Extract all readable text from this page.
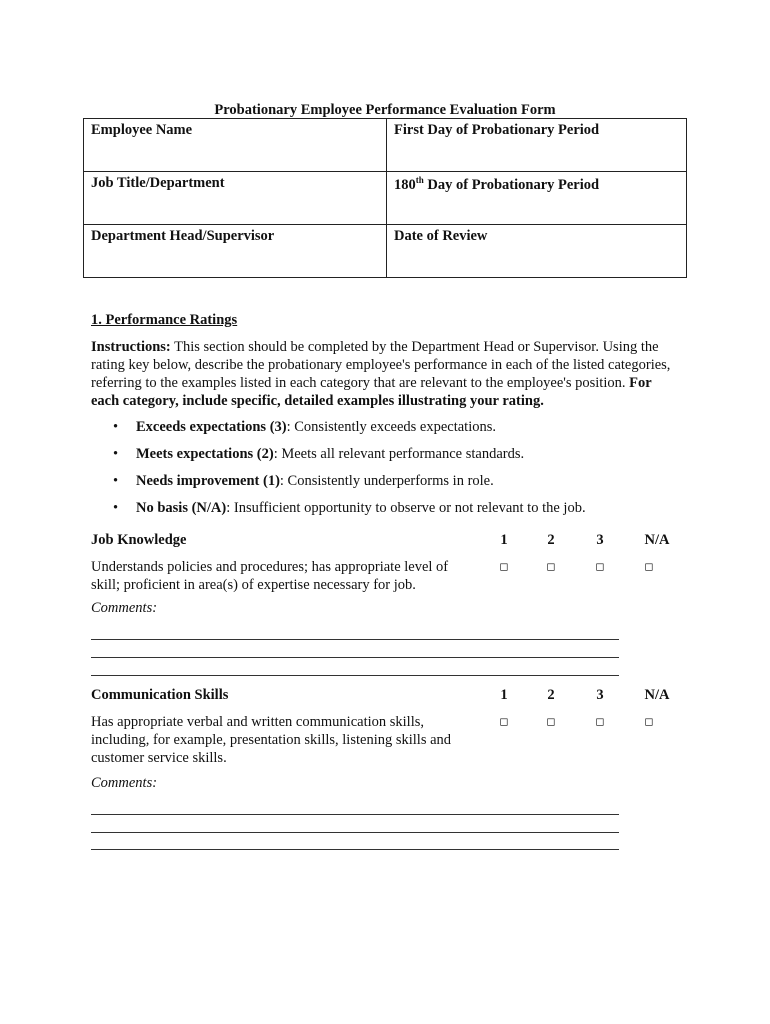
Probationary Employee Performance Evaluation Form
Employee Name	First Day of Probationary Period
Job Title/Department	180th Day of Probationary Period
Department Head/Supervisor	Date of Review
1. Performance Ratings
Instructions: This section should be completed by the Department Head or Supervisor. Using the rating key below, describe the probationary employee's performance in each of the listed categories, referring to the examples listed in each category that are relevant to the employee's position. For each category, include specific, detailed examples illustrating your rating.
• Exceeds expectations (3): Consistently exceeds expectations.
• Meets expectations (2): Meets all relevant performance standards.
• Needs improvement (1): Consistently underperforms in role.
• No basis (N/A): Insufficient opportunity to observe or not relevant to the job.
Job Knowledge	1	2	3	N/A
Understands policies and procedures; has appropriate level of skill; proficient in area(s) of expertise necessary for job.
◻	◻	◻	◻
Comments:
Communication Skills	1	2	3	N/A
Has appropriate verbal and written communication skills, including, for example, presentation skills, listening skills and customer service skills.
◻	◻	◻	◻
Comments:
